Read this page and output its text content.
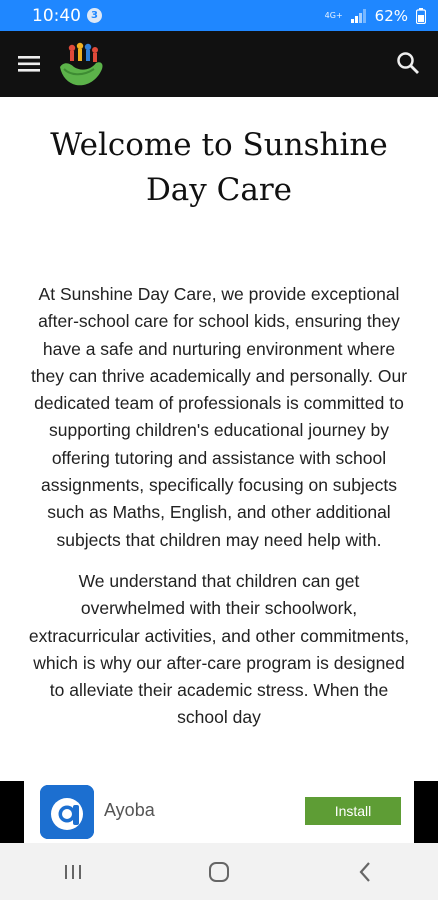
10:40	3	4G+ 62%
Welcome to Sunshine Day Care

At Sunshine Day Care, we provide exceptional after-school care for school kids, ensuring they have a safe and nurturing environment where they can thrive academically and personally. Our dedicated team of professionals is committed to supporting children's educational journey by offering tutoring and assistance with school assignments, specifically focusing on subjects such as Maths, English, and other additional subjects that children may need help with.

We understand that children can get overwhelmed with their schoolwork, extracurricular activities, and other commitments, which is why our after-care program is designed to alleviate their academic stress. When the school day

Ayoba	Install
